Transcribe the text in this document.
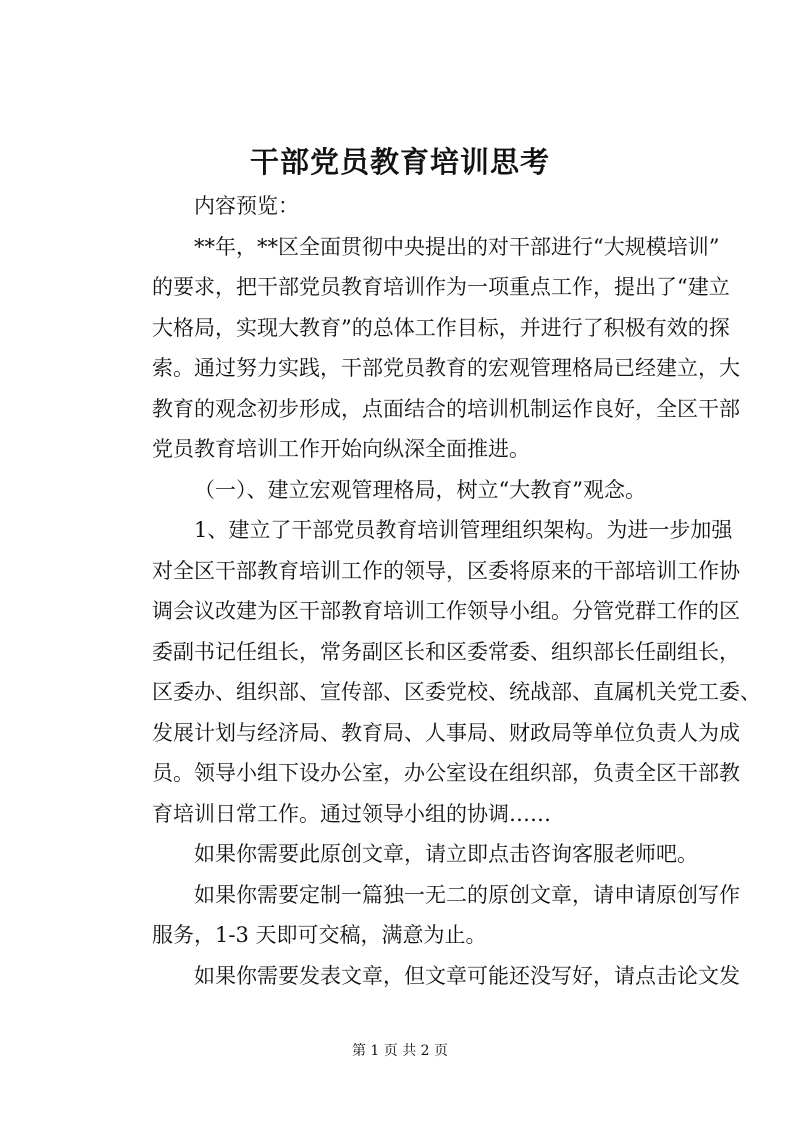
干部党员教育培训思考
内容预览：
**年，**区全面贯彻中央提出的对干部进行“大规模培训”
的要求，把干部党员教育培训作为一项重点工作，提出了“建立
大格局，实现大教育”的总体工作目标，并进行了积极有效的探
索。通过努力实践，干部党员教育的宏观管理格局已经建立，大
教育的观念初步形成，点面结合的培训机制运作良好，全区干部
党员教育培训工作开始向纵深全面推进。
（一）、建立宏观管理格局，树立“大教育”观念。
1、建立了干部党员教育培训管理组织架构。为进一步加强
对全区干部教育培训工作的领导，区委将原来的干部培训工作协
调会议改建为区干部教育培训工作领导小组。分管党群工作的区
委副书记任组长，常务副区长和区委常委、组织部长任副组长，
区委办、组织部、宣传部、区委党校、统战部、直属机关党工委、
发展计划与经济局、教育局、人事局、财政局等单位负责人为成
员。领导小组下设办公室，办公室设在组织部，负责全区干部教
育培训日常工作。通过领导小组的协调……
如果你需要此原创文章，请立即点击咨询客服老师吧。
如果你需要定制一篇独一无二的原创文章，请申请原创写作
服务，1-3 天即可交稿，满意为止。
如果你需要发表文章，但文章可能还没写好，请点击论文发
第 1 页 共 2 页
